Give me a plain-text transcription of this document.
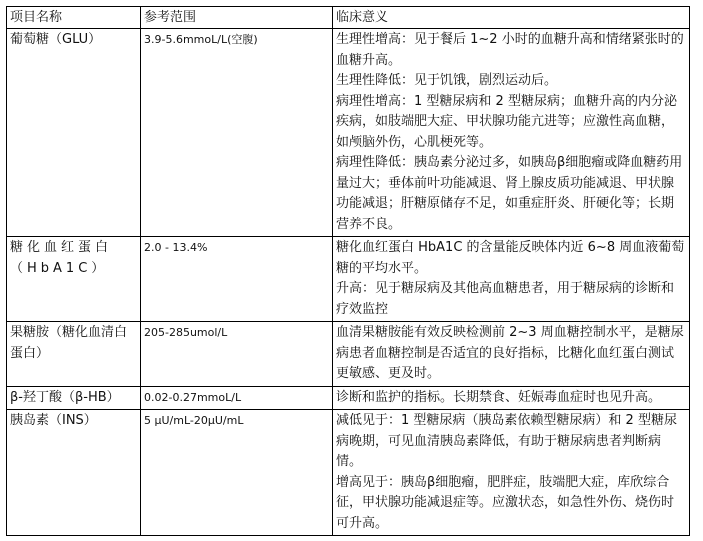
项目名称	参考范围	临床意义
葡萄糖（GLU）	3.9-5.6mmoL/L(空腹)	生理性增高：见于餐后 1~2 小时的血糖升高和情绪紧张时的血糖升高。

生理性降低：见于饥饿，剧烈运动后。

病理性增高：1 型糖尿病和 2 型糖尿病；血糖升高的内分泌疾病，如肢端肥大症、甲状腺功能亢进等；应激性高血糖，如颅脑外伤，心肌梗死等。

病理性降低：胰岛素分泌过多，如胰岛β细胞瘤或降血糖药用量过大；垂体前叶功能减退、肾上腺皮质功能减退、甲状腺功能减退；肝糖原储存不足，如重症肝炎、肝硬化等；长期营养不良。

糖化血红蛋白（HbA1C）	2.0 - 13.4%	糖化血红蛋白 HbA1C 的含量能反映体内近 6~8 周血液葡萄糖的平均水平。

升高：见于糖尿病及其他高血糖患者，用于糖尿病的诊断和疗效监控

果糖胺（糖化血清白蛋白）	205-285umol/L	血清果糖胺能有效反映检测前 2~3 周血糖控制水平，是糖尿病患者血糖控制是否适宜的良好指标，比糖化血红蛋白测试更敏感、更及时。

β-羟丁酸（β-HB）	0.02-0.27mmoL/L	诊断和监护的指标。长期禁食、妊娠毒血症时也见升高。

胰岛素（INS）	5 μU/mL-20μU/mL	减低见于：1 型糖尿病（胰岛素依赖型糖尿病）和 2 型糖尿病晚期，可见血清胰岛素降低，有助于糖尿病患者判断病情。

增高见于：胰岛β细胞瘤，肥胖症，肢端肥大症，库欣综合征，甲状腺功能减退症等。应激状态，如急性外伤、烧伤时可升高。
